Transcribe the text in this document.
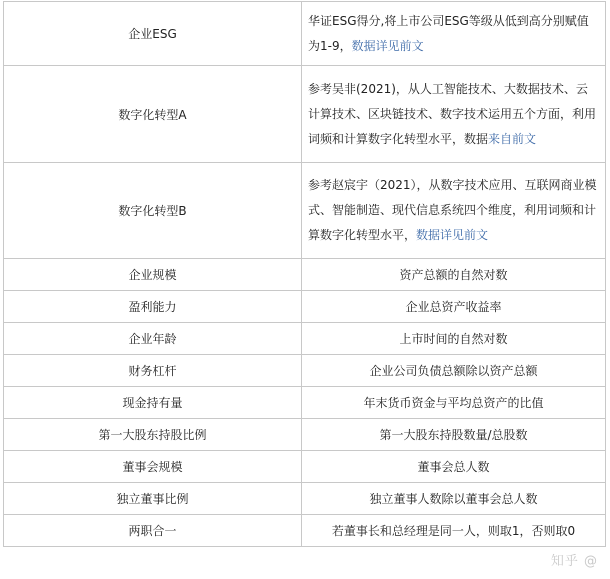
企业ESG	华证ESG得分,将上市公司ESG等级从低到高分别赋值为1-9，数据详见前文
数字化转型A	参考吴非(2021)，从人工智能技术、大数据技术、云计算技术、区块链技术、数字技术运用五个方面，利用词频和计算数字化转型水平，数据来自前文
数字化转型B	参考赵宸宇（2021），从数字技术应用、互联网商业模式、智能制造、现代信息系统四个维度，利用词频和计算数字化转型水平，数据详见前文
企业规模	资产总额的自然对数
盈利能力	企业总资产收益率
企业年龄	上市时间的自然对数
财务杠杆	企业公司负债总额除以资产总额
现金持有量	年末货币资金与平均总资产的比值
第一大股东持股比例	第一大股东持股数量/总股数
董事会规模	董事会总人数
独立董事比例	独立董事人数除以董事会总人数
两职合一	若董事长和总经理是同一人，则取1，否则取0
知乎 @
